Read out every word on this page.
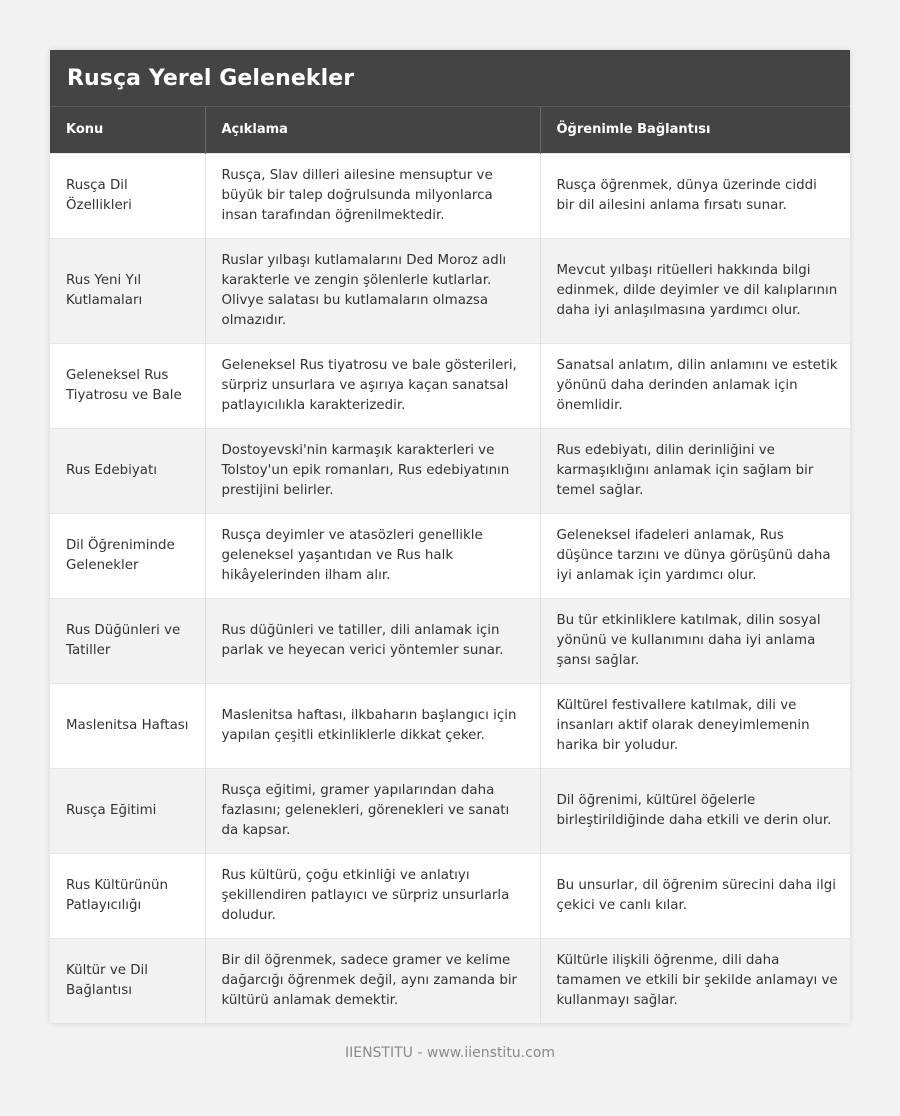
Rusça Yerel Gelenekler
Konu	Açıklama	Öğrenimle Bağlantısı
Rusça Dil Özellikleri	Rusça, Slav dilleri ailesine mensuptur ve büyük bir talep doğrulsunda milyonlarca insan tarafından öğrenilmektedir.	Rusça öğrenmek, dünya üzerinde ciddi bir dil ailesini anlama fırsatı sunar.
Rus Yeni Yıl Kutlamaları	Ruslar yılbaşı kutlamalarını Ded Moroz adlı karakterle ve zengin şölenlerle kutlarlar. Olivye salatası bu kutlamaların olmazsa olmazıdır.	Mevcut yılbaşı ritüelleri hakkında bilgi edinmek, dilde deyimler ve dil kalıplarının daha iyi anlaşılmasına yardımcı olur.
Geleneksel Rus Tiyatrosu ve Bale	Geleneksel Rus tiyatrosu ve bale gösterileri, sürpriz unsurlara ve aşırıya kaçan sanatsal patlayıcılıkla karakterizedir.	Sanatsal anlatım, dilin anlamını ve estetik yönünü daha derinden anlamak için önemlidir.
Rus Edebiyatı	Dostoyevski'nin karmaşık karakterleri ve Tolstoy'un epik romanları, Rus edebiyatının prestijini belirler.	Rus edebiyatı, dilin derinliğini ve karmaşıklığını anlamak için sağlam bir temel sağlar.
Dil Öğreniminde Gelenekler	Rusça deyimler ve atasözleri genellikle geleneksel yaşantıdan ve Rus halk hikâyelerinden ilham alır.	Geleneksel ifadeleri anlamak, Rus düşünce tarzını ve dünya görüşünü daha iyi anlamak için yardımcı olur.
Rus Düğünleri ve Tatiller	Rus düğünleri ve tatiller, dili anlamak için parlak ve heyecan verici yöntemler sunar.	Bu tür etkinliklere katılmak, dilin sosyal yönünü ve kullanımını daha iyi anlama şansı sağlar.
Maslenitsa Haftası	Maslenitsa haftası, ilkbaharın başlangıcı için yapılan çeşitli etkinliklerle dikkat çeker.	Kültürel festivallere katılmak, dili ve insanları aktif olarak deneyimlemenin harika bir yoludur.
Rusça Eğitimi	Rusça eğitimi, gramer yapılarından daha fazlasını; gelenekleri, görenekleri ve sanatı da kapsar.	Dil öğrenimi, kültürel öğelerle birleştirildiğinde daha etkili ve derin olur.
Rus Kültürünün Patlayıcılığı	Rus kültürü, çoğu etkinliği ve anlatıyı şekillendiren patlayıcı ve sürpriz unsurlarla doludur.	Bu unsurlar, dil öğrenim sürecini daha ilgi çekici ve canlı kılar.
Kültür ve Dil Bağlantısı	Bir dil öğrenmek, sadece gramer ve kelime dağarcığı öğrenmek değil, aynı zamanda bir kültürü anlamak demektir.	Kültürle ilişkili öğrenme, dili daha tamamen ve etkili bir şekilde anlamayı ve kullanmayı sağlar.
IIENSTITU - www.iienstitu.com
